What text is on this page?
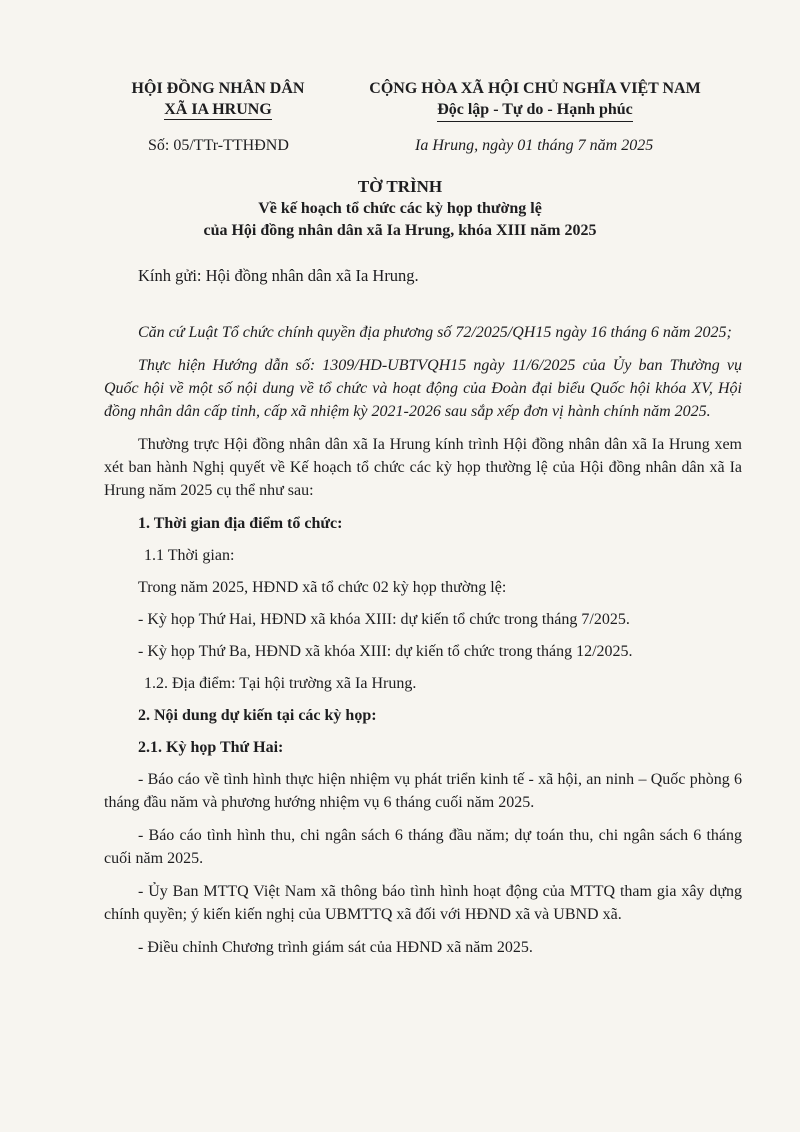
HỘI ĐỒNG NHÂN DÂN
XÃ IA HRUNG
CỘNG HÒA XÃ HỘI CHỦ NGHĨA VIỆT NAM
Độc lập - Tự do - Hạnh phúc
Số: 05/TTr-TTHĐND	Ia Hrung, ngày 01 tháng 7 năm 2025
TỜ TRÌNH
Về kế hoạch tổ chức các kỳ họp thường lệ
của Hội đồng nhân dân xã Ia Hrung, khóa XIII năm 2025
Kính gửi: Hội đồng nhân dân xã Ia Hrung.

Căn cứ Luật Tổ chức chính quyền địa phương số 72/2025/QH15 ngày 16 tháng 6 năm 2025;

Thực hiện Hướng dẫn số: 1309/HD-UBTVQH15 ngày 11/6/2025 của Ủy ban Thường vụ Quốc hội về một số nội dung về tổ chức và hoạt động của Đoàn đại biểu Quốc hội khóa XV, Hội đồng nhân dân cấp tỉnh, cấp xã nhiệm kỳ 2021-2026 sau sắp xếp đơn vị hành chính năm 2025.

Thường trực Hội đồng nhân dân xã Ia Hrung kính trình Hội đồng nhân dân xã Ia Hrung xem xét ban hành Nghị quyết về Kế hoạch tổ chức các kỳ họp thường lệ của Hội đồng nhân dân xã Ia Hrung năm 2025 cụ thể như sau:

1. Thời gian địa điểm tổ chức:
1.1 Thời gian:
Trong năm 2025, HĐND xã tổ chức 02 kỳ họp thường lệ:
- Kỳ họp Thứ Hai, HĐND xã khóa XIII: dự kiến tổ chức trong tháng 7/2025.
- Kỳ họp Thứ Ba, HĐND xã khóa XIII: dự kiến tổ chức trong tháng 12/2025.
1.2. Địa điểm: Tại hội trường xã Ia Hrung.
2. Nội dung dự kiến tại các kỳ họp:
2.1. Kỳ họp Thứ Hai:

- Báo cáo về tình hình thực hiện nhiệm vụ phát triển kinh tế - xã hội, an ninh – Quốc phòng 6 tháng đầu năm và phương hướng nhiệm vụ 6 tháng cuối năm 2025.

- Báo cáo tình hình thu, chi ngân sách 6 tháng đầu năm; dự toán thu, chi ngân sách 6 tháng cuối năm 2025.

- Ủy Ban MTTQ Việt Nam xã thông báo tình hình hoạt động của MTTQ tham gia xây dựng chính quyền; ý kiến kiến nghị của UBMTTQ xã đối với HĐND xã và UBND xã.

- Điều chỉnh Chương trình giám sát của HĐND xã năm 2025.
